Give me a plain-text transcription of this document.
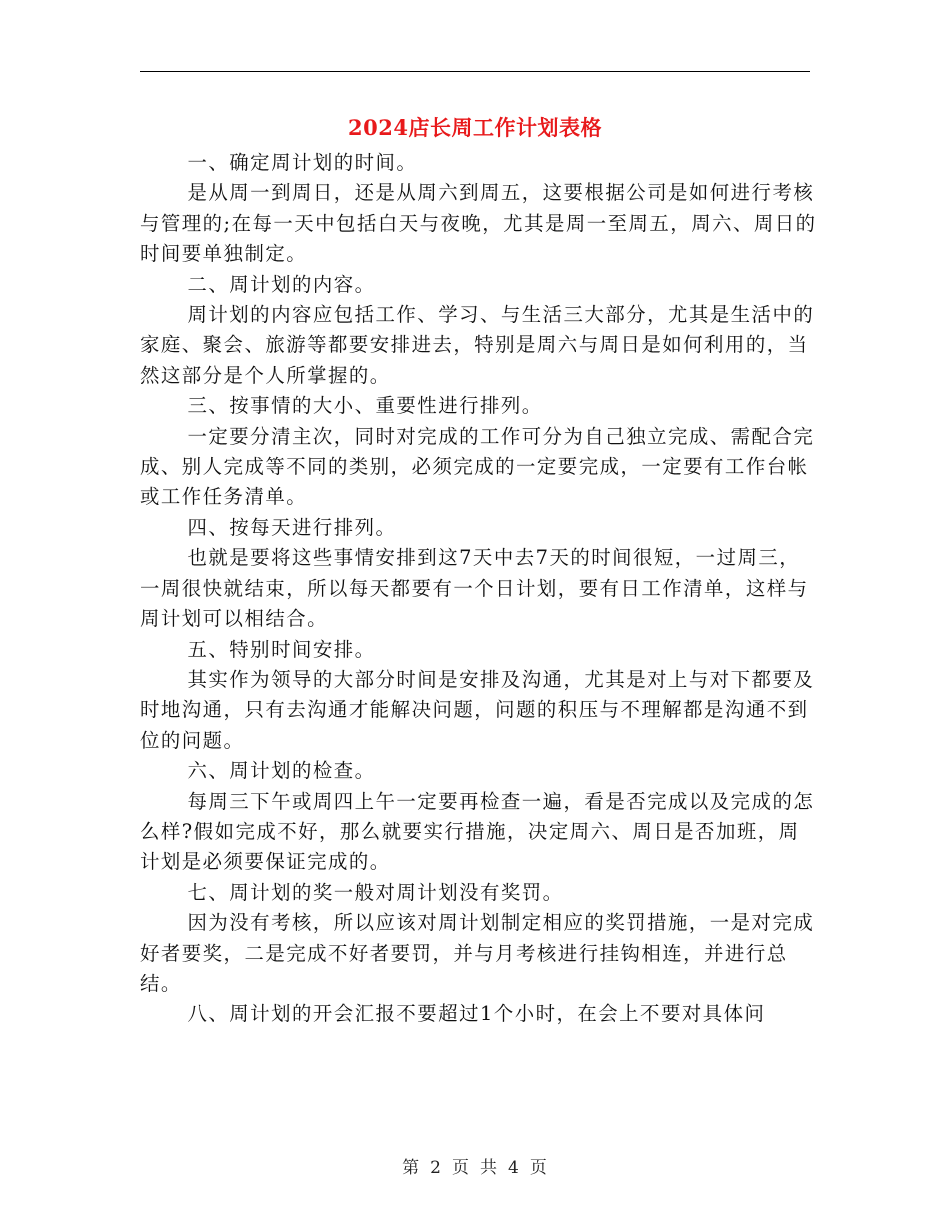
2024店长周工作计划表格

一、确定周计划的时间。

是从周一到周日，还是从周六到周五，这要根据公司是如何进行考核与管理的;在每一天中包括白天与夜晚，尤其是周一至周五，周六、周日的时间要单独制定。

二、周计划的内容。

周计划的内容应包括工作、学习、与生活三大部分，尤其是生活中的家庭、聚会、旅游等都要安排进去，特别是周六与周日是如何利用的，当然这部分是个人所掌握的。

三、按事情的大小、重要性进行排列。

一定要分清主次，同时对完成的工作可分为自己独立完成、需配合完成、别人完成等不同的类别，必须完成的一定要完成，一定要有工作台帐或工作任务清单。

四、按每天进行排列。

也就是要将这些事情安排到这7天中去7天的时间很短，一过周三，一周很快就结束，所以每天都要有一个日计划，要有日工作清单，这样与周计划可以相结合。

五、特别时间安排。

其实作为领导的大部分时间是安排及沟通，尤其是对上与对下都要及时地沟通，只有去沟通才能解决问题，问题的积压与不理解都是沟通不到位的问题。

六、周计划的检查。

每周三下午或周四上午一定要再检查一遍，看是否完成以及完成的怎么样?假如完成不好，那么就要实行措施，决定周六、周日是否加班，周计划是必须要保证完成的。

七、周计划的奖一般对周计划没有奖罚。

因为没有考核，所以应该对周计划制定相应的奖罚措施，一是对完成好者要奖，二是完成不好者要罚，并与月考核进行挂钩相连，并进行总结。

八、周计划的开会汇报不要超过1个小时，在会上不要对具体问

第 2 页 共 4 页
